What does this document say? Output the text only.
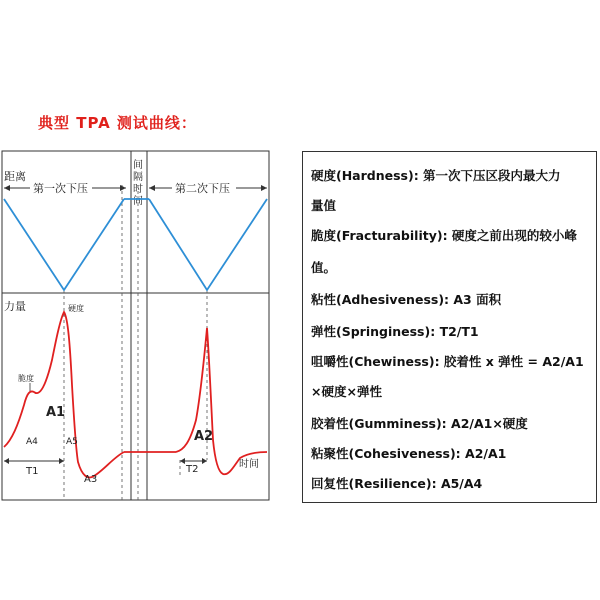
典型 TPA 测试曲线：
距离
力量
第一次下压	第二次下压
间
隔
时
间
硬度
脆度
A1
A4	A5
A3
A2
时间
T1	T2
硬度(Hardness): 第一次下压区段内最大力
量值
脆度(Fracturability): 硬度之前出现的较小峰
值。
粘性(Adhesiveness): A3 面积
弹性(Springiness): T2/T1
咀嚼性(Chewiness): 胶着性 x 弹性 = A2/A1
×硬度×弹性
胶着性(Gumminess): A2/A1×硬度
粘聚性(Cohesiveness): A2/A1
回复性(Resilience): A5/A4
